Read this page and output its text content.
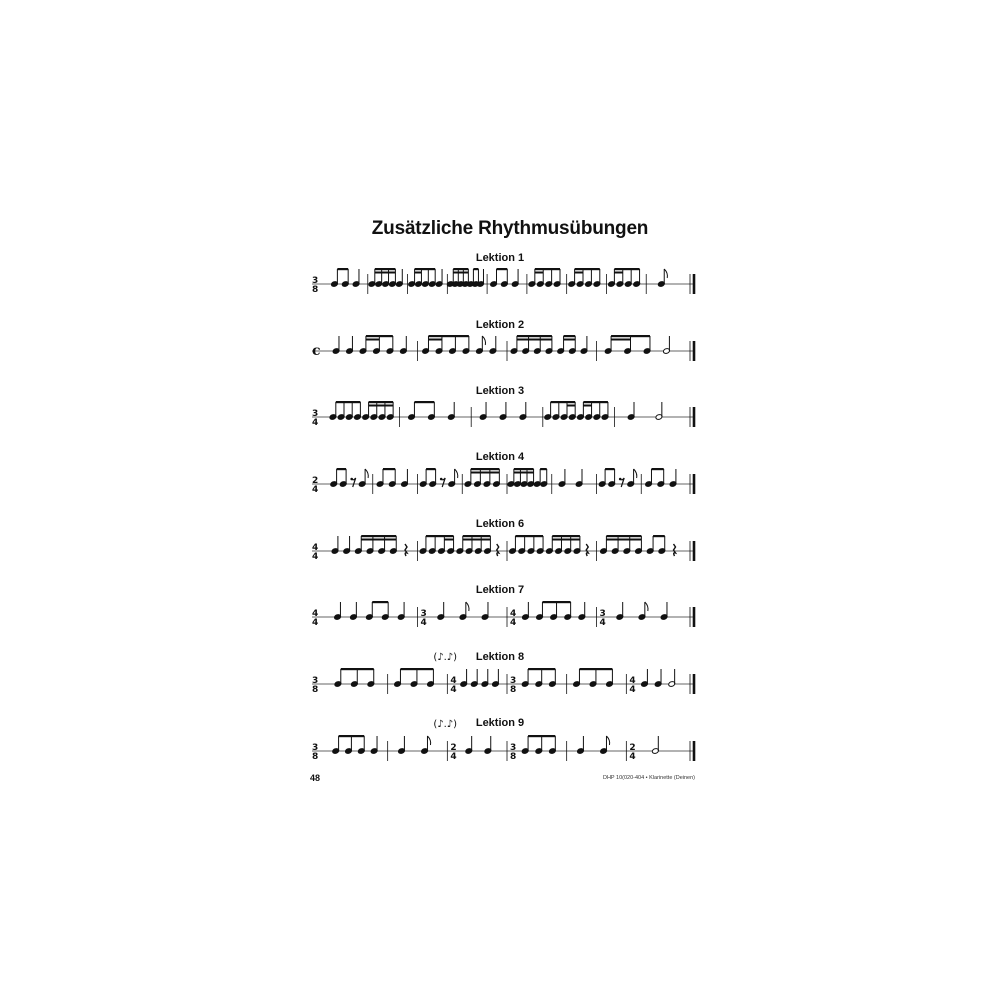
Zusätzliche Rhythmusübungen
Lektion 1
Lektion 2
Lektion 3
Lektion 4
Lektion 6
Lektion 7
Lektion 8
Lektion 9
3
8
c
3
4
2
4
4
4
4
4
3
4
4
4
3
4
3
8
4
4
3
8
4
4
(♪.♪)
3
8
2
4
3
8
2
4
(♪.♪)
48	DHP 10(020-404 • Klarinette (Deinen)
